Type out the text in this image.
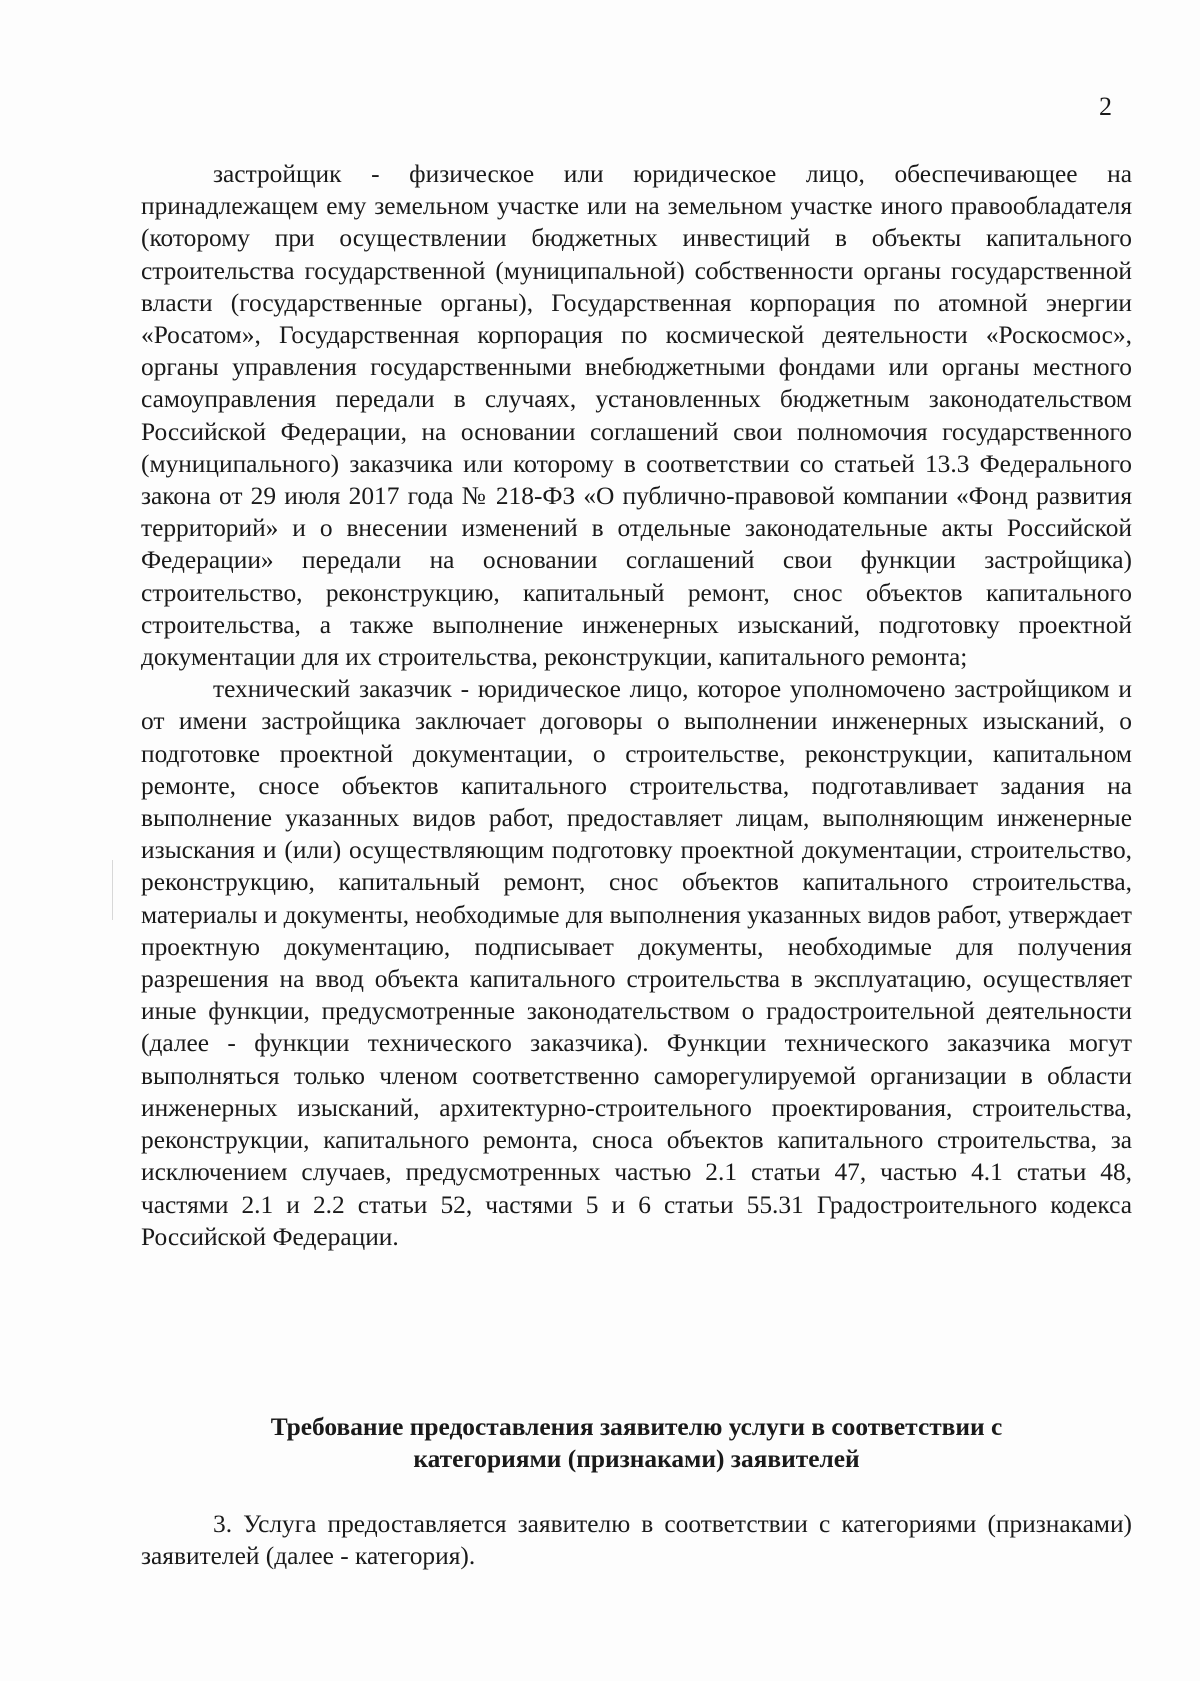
2

застройщик - физическое или юридическое лицо, обеспечивающее на принадлежащем ему земельном участке или на земельном участке иного правообладателя (которому при осуществлении бюджетных инвестиций в объекты капитального строительства государственной (муниципальной) собственности органы государственной власти (государственные органы), Государственная корпорация по атомной энергии «Росатом», Государственная корпорация по космической деятельности «Роскосмос», органы управления государственными внебюджетными фондами или органы местного самоуправления передали в случаях, установленных бюджетным законодательством Российской Федерации, на основании соглашений свои полномочия государственного (муниципального) заказчика или которому в соответствии со статьей 13.3 Федерального закона от 29 июля 2017 года № 218-ФЗ «О публично-правовой компании «Фонд развития территорий» и о внесении изменений в отдельные законодательные акты Российской Федерации» передали на основании соглашений свои функции застройщика) строительство, реконструкцию, капитальный ремонт, снос объектов капитального строительства, а также выполнение инженерных изысканий, подготовку проектной документации для их строительства, реконструкции, капитального ремонта;

технический заказчик - юридическое лицо, которое уполномочено застройщиком и от имени застройщика заключает договоры о выполнении инженерных изысканий, о подготовке проектной документации, о строительстве, реконструкции, капитальном ремонте, сносе объектов капитального строительства, подготавливает задания на выполнение указанных видов работ, предоставляет лицам, выполняющим инженерные изыскания и (или) осуществляющим подготовку проектной документации, строительство, реконструкцию, капитальный ремонт, снос объектов капитального строительства, материалы и документы, необходимые для выполнения указанных видов работ, утверждает проектную документацию, подписывает документы, необходимые для получения разрешения на ввод объекта капитального строительства в эксплуатацию, осуществляет иные функции, предусмотренные законодательством о градостроительной деятельности (далее - функции технического заказчика). Функции технического заказчика могут выполняться только членом соответственно саморегулируемой организации в области инженерных изысканий, архитектурно-строительного проектирования, строительства, реконструкции, капитального ремонта, сноса объектов капитального строительства, за исключением случаев, предусмотренных частью 2.1 статьи 47, частью 4.1 статьи 48, частями 2.1 и 2.2 статьи 52, частями 5 и 6 статьи 55.31 Градостроительного кодекса Российской Федерации.

Требование предоставления заявителю услуги в соответствии с
категориями (признаками) заявителей

3. Услуга предоставляется заявителю в соответствии с категориями (признаками) заявителей (далее - категория).
